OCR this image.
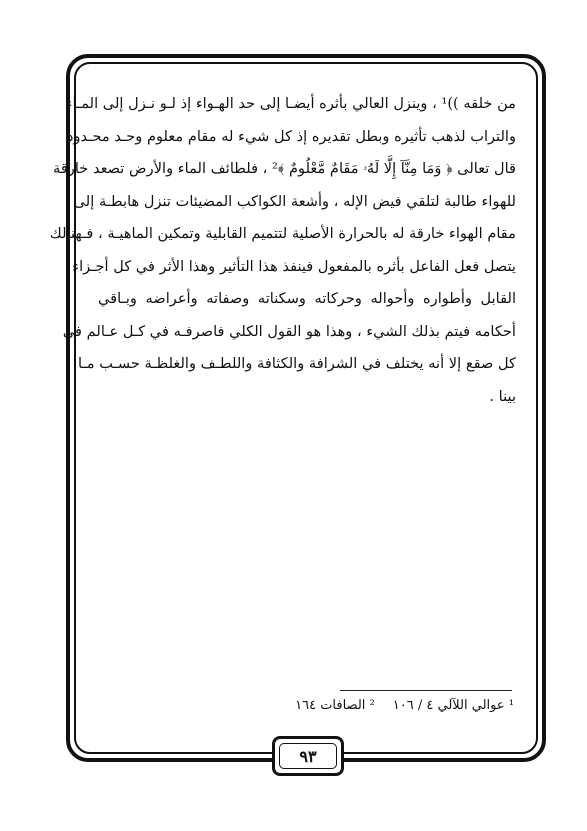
من خلقه ))¹ ، وينزل العالي بأثره أيضـا إلى حد الهـواء إذ لـو نـزل إلى المـاء
والتراب لذهب تأثيره وبطل تقديره إذ كل شيء له مقام معلوم وحـد محـدود
قال تعالى ﴿ وَمَا مِنَّآ إِلَّا لَهُۥ مَقَامٌ مَّعْلُومٌ ﴾² ، فلطائف الماء والأرض تصعد خارقة
للهواء طالبة لتلقي فيض الإله ، وأشعة الكواكب المضيئات تنزل هابطـة إلى
مقام الهواء خارقة له بالحرارة الأصلية لتتميم القابلية وتمكين الماهيـة ، فـهنالك
يتصل فعل الفاعل بأثره بالمفعول فينفذ هذا التأثير وهذا الأثر في كل أجـزاء
القابل وأطواره وأحواله وحركاته وسكناته وصفاته وأعراضه وبـاقي
أحكامه فيتم بذلك الشيء ، وهذا هو القول الكلي فاصرفـه في كـل عـالم في
كل صقع إلا أنه يختلف في الشرافة والكثافة واللطـف والغلظـة حسـب مـا
بينا .
¹ عوالي اللآلي ٤ / ١٠٦
² الصافات ١٦٤
٩٣
